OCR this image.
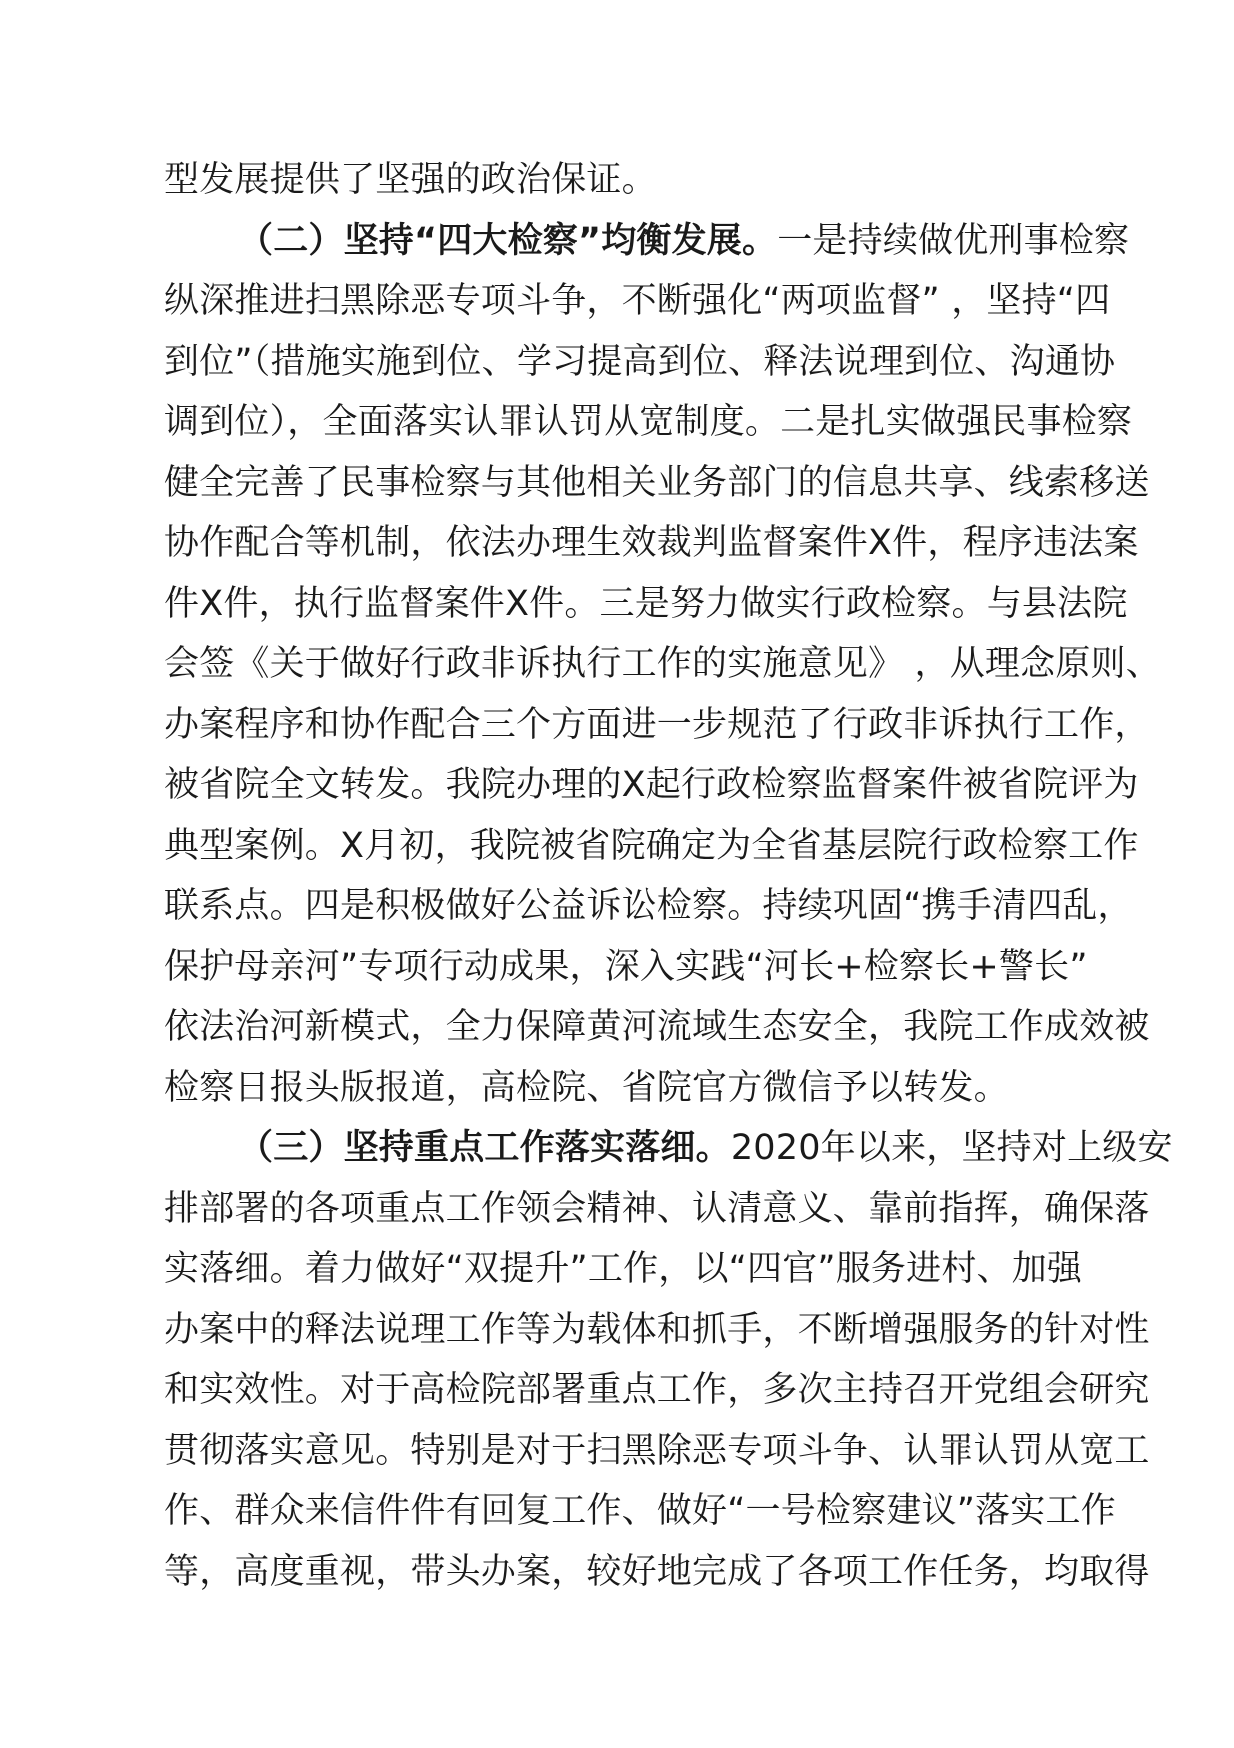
型发展提供了坚强的政治保证。
（二）坚持“四大检察”均衡发展。一是持续做优刑事检察
纵深推进扫黑除恶专项斗争，不断强化“两项监督” ，坚持“四
到位”（措施实施到位、学习提高到位、释法说理到位、沟通协
调到位），全面落实认罪认罚从宽制度。二是扎实做强民事检察
健全完善了民事检察与其他相关业务部门的信息共享、线索移送
协作配合等机制，依法办理生效裁判监督案件X件，程序违法案
件X件，执行监督案件X件。三是努力做实行政检察。与县法院
会签《关于做好行政非诉执行工作的实施意见》 ，从理念原则、
办案程序和协作配合三个方面进一步规范了行政非诉执行工作，
被省院全文转发。我院办理的X起行政检察监督案件被省院评为
典型案例。X月初，我院被省院确定为全省基层院行政检察工作
联系点。四是积极做好公益诉讼检察。持续巩固“携手清四乱，
保护母亲河”专项行动成果，深入实践“河长+检察长+警长”
依法治河新模式，全力保障黄河流域生态安全，我院工作成效被
检察日报头版报道，高检院、省院官方微信予以转发。
（三）坚持重点工作落实落细。2020年以来，坚持对上级安
排部署的各项重点工作领会精神、认清意义、靠前指挥，确保落
实落细。着力做好“双提升”工作，以“四官”服务进村、加强
办案中的释法说理工作等为载体和抓手，不断增强服务的针对性
和实效性。对于高检院部署重点工作，多次主持召开党组会研究
贯彻落实意见。特别是对于扫黑除恶专项斗争、认罪认罚从宽工
作、群众来信件件有回复工作、做好“一号检察建议”落实工作
等，高度重视，带头办案，较好地完成了各项工作任务，均取得
